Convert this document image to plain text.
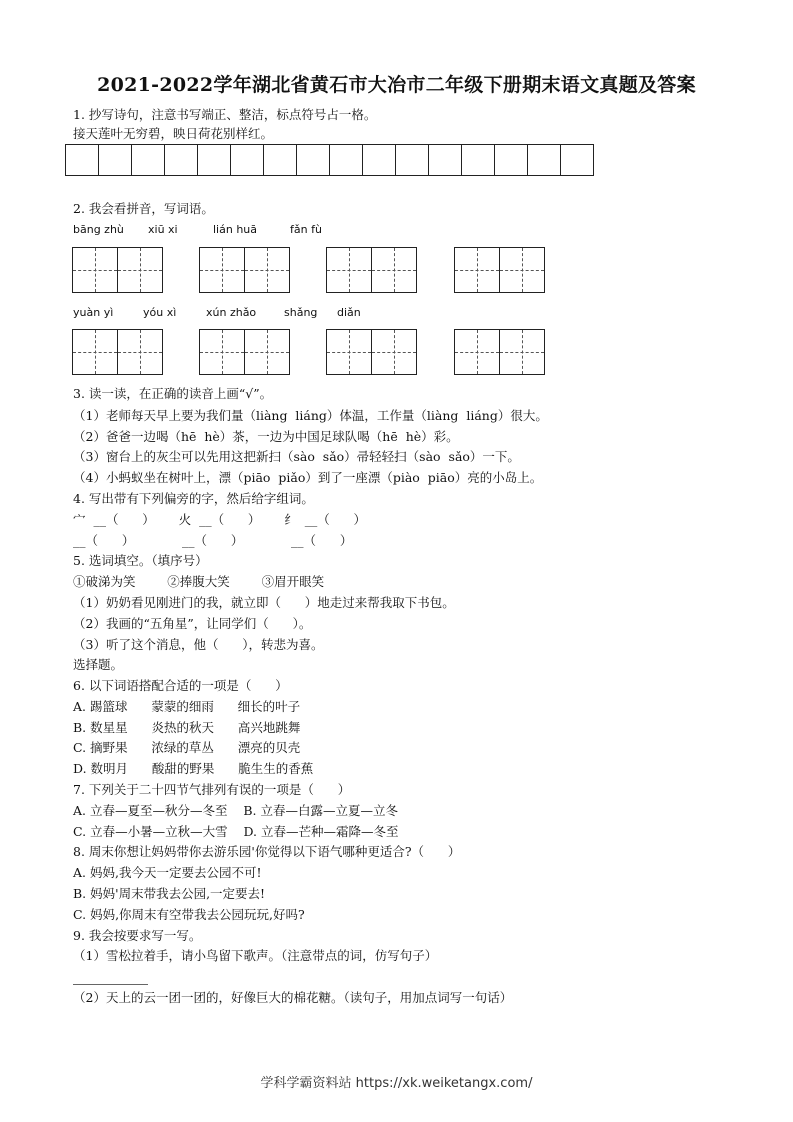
2021-2022学年湖北省黄石市大冶市二年级下册期末语文真题及答案
1. 抄写诗句，注意书写端正、整洁，标点符号占一格。
接天莲叶无穷碧，映日荷花别样红。
2. 我会看拼音，写词语。
bāng zhù xiū xi	lián huā	fǎn fù
yuàn yì	yóu xì	xún zhǎo	shǎng diǎn
3. 读一读，在正确的读音上画“√”。
（1）老师每天早上要为我们量（liàng  liáng）体温，工作量（liàng  liáng）很大。
（2）爸爸一边喝（hē  hè）茶，一边为中国足球队喝（hē  hè）彩。
（3）窗台上的灰尘可以先用这把新扫（sào  sǎo）帚轻轻扫（sào  sǎo）一下。
（4）小蚂蚁坐在树叶上，漂（piāo  piǎo）到了一座漂（piào  piāo）亮的小岛上。
4. 写出带有下列偏旁的字，然后给字组词。
宀  __（      ）      火  __（      ）      纟  __（      ）
__（      ）            __（      ）            __（      ）
5. 选词填空。（填序号）
①破涕为笑        ②捧腹大笑        ③眉开眼笑
（1）奶奶看见刚进门的我，就立即（      ）地走过来帮我取下书包。
（2）我画的“五角星”，让同学们（      ）。
（3）听了这个消息，他（      ），转悲为喜。
选择题。
6. 以下词语搭配合适的一项是（      ）
A. 踢篮球      蒙蒙的细雨      细长的叶子
B. 数星星      炎热的秋天      高兴地跳舞
C. 摘野果      浓绿的草丛      漂亮的贝壳
D. 数明月      酸甜的野果      脆生生的香蕉
7. 下列关于二十四节气排列有误的一项是（      ）
A. 立春—夏至—秋分—冬至    B. 立春—白露—立夏—立冬
C. 立春—小暑—立秋—大雪    D. 立春—芒种—霜降—冬至
8. 周末你想让妈妈带你去游乐园'你觉得以下语气哪种更适合?（      ）
A. 妈妈,我今天一定要去公园不可!
B. 妈妈'周末带我去公园,一定要去!
C. 妈妈,你周末有空带我去公园玩玩,好吗?
9. 我会按要求写一写。
（1）雪松拉着手，请小鸟留下歌声。（注意带点的词，仿写句子）
（2）天上的云一团一团的，好像巨大的棉花糖。（读句子，用加点词写一句话）
学科学霸资料站 https://xk.weiketangx.com/
